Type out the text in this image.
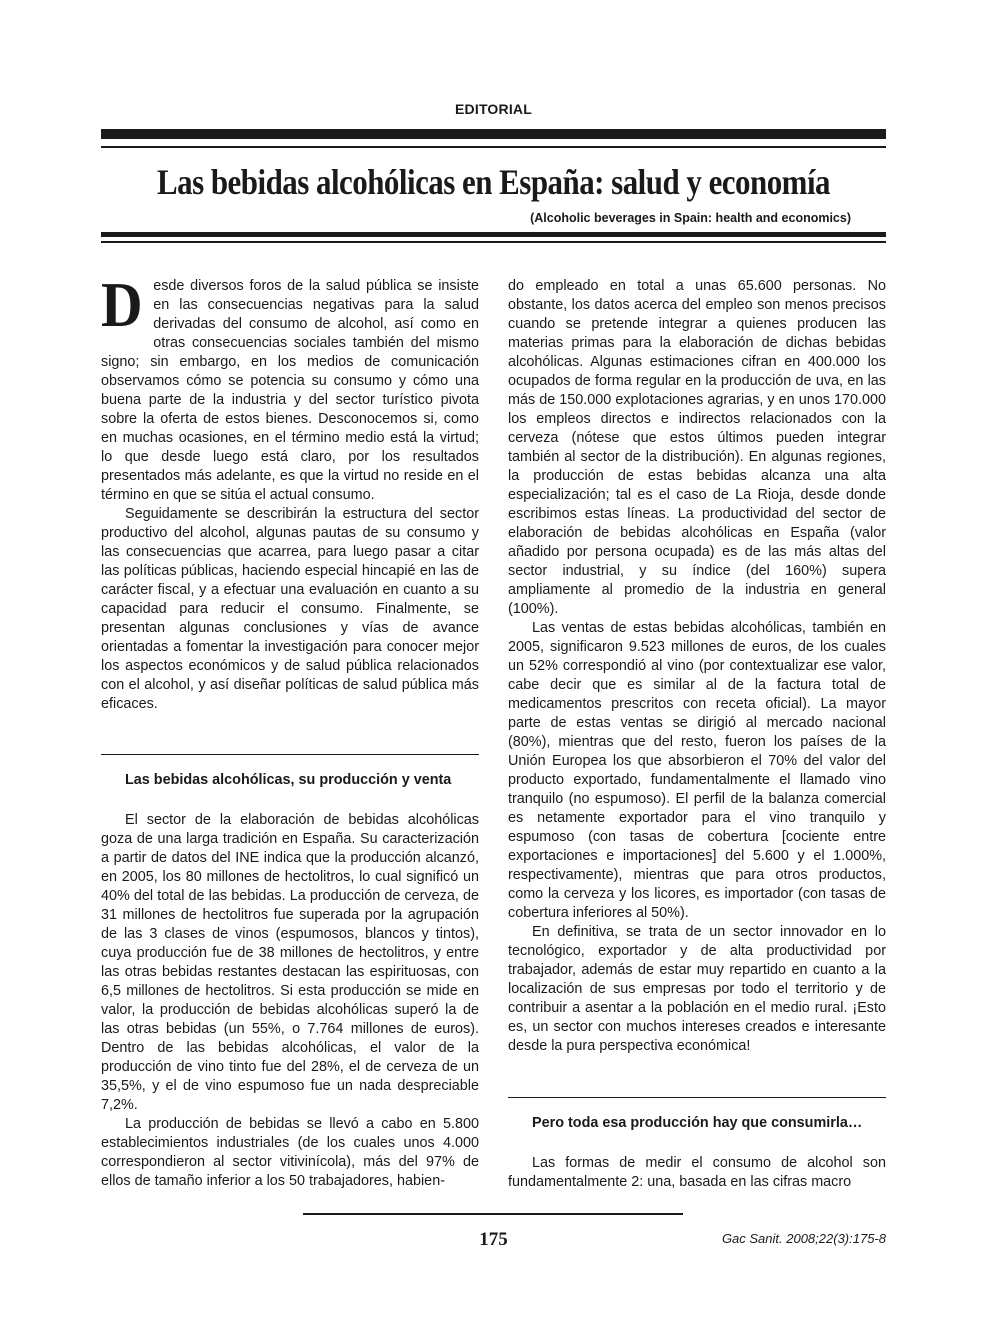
EDITORIAL
Las bebidas alcohólicas en España: salud y economía
(Alcoholic beverages in Spain: health and economics)

Desde diversos foros de la salud pública se insiste en las consecuencias negativas para la salud derivadas del consumo de alcohol, así como en otras consecuencias sociales también del mismo signo; sin embargo, en los medios de comunicación observamos cómo se potencia su consumo y cómo una buena parte de la industria y del sector turístico pivota sobre la oferta de estos bienes. Desconocemos si, como en muchas ocasiones, en el término medio está la virtud; lo que desde luego está claro, por los resultados presentados más adelante, es que la virtud no reside en el término en que se sitúa el actual consumo.

Seguidamente se describirán la estructura del sector productivo del alcohol, algunas pautas de su consumo y las consecuencias que acarrea, para luego pasar a citar las políticas públicas, haciendo especial hincapié en las de carácter fiscal, y a efectuar una evaluación en cuanto a su capacidad para reducir el consumo. Finalmente, se presentan algunas conclusiones y vías de avance orientadas a fomentar la investigación para conocer mejor los aspectos económicos y de salud pública relacionados con el alcohol, y así diseñar políticas de salud pública más eficaces.

Las bebidas alcohólicas, su producción y venta

El sector de la elaboración de bebidas alcohólicas goza de una larga tradición en España. Su caracterización a partir de datos del INE indica que la producción alcanzó, en 2005, los 80 millones de hectolitros, lo cual significó un 40% del total de las bebidas. La producción de cerveza, de 31 millones de hectolitros fue superada por la agrupación de las 3 clases de vinos (espumosos, blancos y tintos), cuya producción fue de 38 millones de hectolitros, y entre las otras bebidas restantes destacan las espirituosas, con 6,5 millones de hectolitros. Si esta producción se mide en valor, la producción de bebidas alcohólicas superó la de las otras bebidas (un 55%, o 7.764 millones de euros). Dentro de las bebidas alcohólicas, el valor de la producción de vino tinto fue del 28%, el de cerveza de un 35,5%, y el de vino espumoso fue un nada despreciable 7,2%.

La producción de bebidas se llevó a cabo en 5.800 establecimientos industriales (de los cuales unos 4.000 correspondieron al sector vitivinícola), más del 97% de ellos de tamaño inferior a los 50 trabajadores, habien-

do empleado en total a unas 65.600 personas. No obstante, los datos acerca del empleo son menos precisos cuando se pretende integrar a quienes producen las materias primas para la elaboración de dichas bebidas alcohólicas. Algunas estimaciones cifran en 400.000 los ocupados de forma regular en la producción de uva, en las más de 150.000 explotaciones agrarias, y en unos 170.000 los empleos directos e indirectos relacionados con la cerveza (nótese que estos últimos pueden integrar también al sector de la distribución). En algunas regiones, la producción de estas bebidas alcanza una alta especialización; tal es el caso de La Rioja, desde donde escribimos estas líneas. La productividad del sector de elaboración de bebidas alcohólicas en España (valor añadido por persona ocupada) es de las más altas del sector industrial, y su índice (del 160%) supera ampliamente al promedio de la industria en general (100%).

Las ventas de estas bebidas alcohólicas, también en 2005, significaron 9.523 millones de euros, de los cuales un 52% correspondió al vino (por contextualizar ese valor, cabe decir que es similar al de la factura total de medicamentos prescritos con receta oficial). La mayor parte de estas ventas se dirigió al mercado nacional (80%), mientras que del resto, fueron los países de la Unión Europea los que absorbieron el 70% del valor del producto exportado, fundamentalmente el llamado vino tranquilo (no espumoso). El perfil de la balanza comercial es netamente exportador para el vino tranquilo y espumoso (con tasas de cobertura [cociente entre exportaciones e importaciones] del 5.600 y el 1.000%, respectivamente), mientras que para otros productos, como la cerveza y los licores, es importador (con tasas de cobertura inferiores al 50%).

En definitiva, se trata de un sector innovador en lo tecnológico, exportador y de alta productividad por trabajador, además de estar muy repartido en cuanto a la localización de sus empresas por todo el territorio y de contribuir a asentar a la población en el medio rural. ¡Esto es, un sector con muchos intereses creados e interesante desde la pura perspectiva económica!

Pero toda esa producción hay que consumirla…

Las formas de medir el consumo de alcohol son fundamentalmente 2: una, basada en las cifras macro

175	Gac Sanit. 2008;22(3):175-8
